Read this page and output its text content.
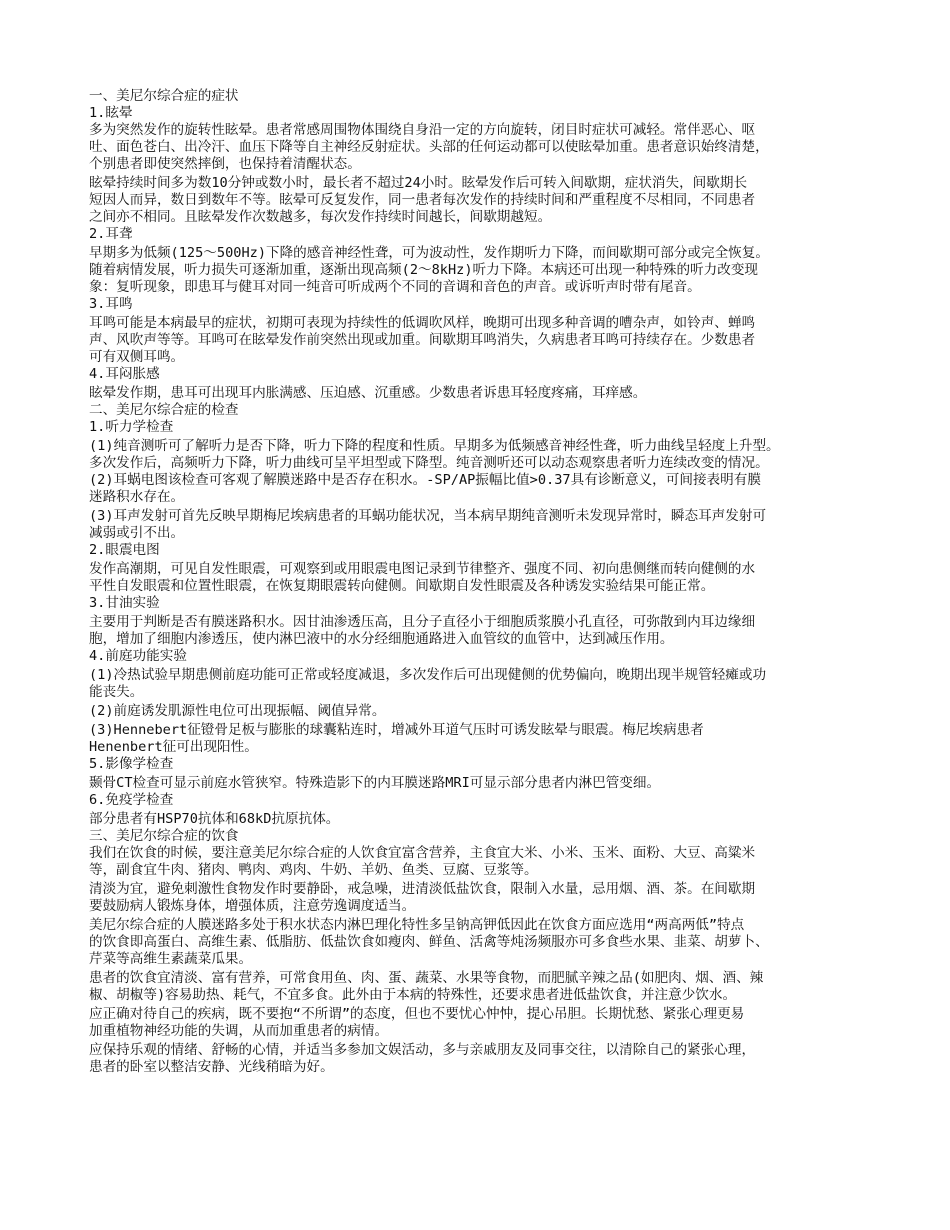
一、美尼尔综合症的症状

1.眩晕

多为突然发作的旋转性眩晕。患者常感周围物体围绕自身沿一定的方向旋转，闭目时症状可减轻。常伴恶心、呕

吐、面色苍白、出冷汗、血压下降等自主神经反射症状。头部的任何运动都可以使眩晕加重。患者意识始终清楚，

个别患者即使突然摔倒，也保持着清醒状态。

眩晕持续时间多为数10分钟或数小时，最长者不超过24小时。眩晕发作后可转入间歇期，症状消失，间歇期长

短因人而异，数日到数年不等。眩晕可反复发作，同一患者每次发作的持续时间和严重程度不尽相同，不同患者

之间亦不相同。且眩晕发作次数越多，每次发作持续时间越长，间歇期越短。

2.耳聋

早期多为低频(125～500Hz)下降的感音神经性聋，可为波动性，发作期听力下降，而间歇期可部分或完全恢复。

随着病情发展，听力损失可逐渐加重，逐渐出现高频(2～8kHz)听力下降。本病还可出现一种特殊的听力改变现

象：复听现象，即患耳与健耳对同一纯音可听成两个不同的音调和音色的声音。或诉听声时带有尾音。

3.耳鸣

耳鸣可能是本病最早的症状，初期可表现为持续性的低调吹风样，晚期可出现多种音调的嘈杂声，如铃声、蝉鸣

声、风吹声等等。耳鸣可在眩晕发作前突然出现或加重。间歇期耳鸣消失，久病患者耳鸣可持续存在。少数患者

可有双侧耳鸣。

4.耳闷胀感

眩晕发作期，患耳可出现耳内胀满感、压迫感、沉重感。少数患者诉患耳轻度疼痛，耳痒感。

二、美尼尔综合症的检查

1.听力学检查

(1)纯音测听可了解听力是否下降，听力下降的程度和性质。早期多为低频感音神经性聋，听力曲线呈轻度上升型。

多次发作后，高频听力下降，听力曲线可呈平坦型或下降型。纯音测听还可以动态观察患者听力连续改变的情况。

(2)耳蜗电图该检查可客观了解膜迷路中是否存在积水。-SP/AP振幅比值>0.37具有诊断意义，可间接表明有膜

迷路积水存在。

(3)耳声发射可首先反映早期梅尼埃病患者的耳蜗功能状况，当本病早期纯音测听未发现异常时，瞬态耳声发射可

减弱或引不出。

2.眼震电图

发作高潮期，可见自发性眼震，可观察到或用眼震电图记录到节律整齐、强度不同、初向患侧继而转向健侧的水

平性自发眼震和位置性眼震，在恢复期眼震转向健侧。间歇期自发性眼震及各种诱发实验结果可能正常。

3.甘油实验

主要用于判断是否有膜迷路积水。因甘油渗透压高，且分子直径小于细胞质浆膜小孔直径，可弥散到内耳边缘细

胞，增加了细胞内渗透压，使内淋巴液中的水分经细胞通路进入血管纹的血管中，达到减压作用。

4.前庭功能实验

(1)冷热试验早期患侧前庭功能可正常或轻度减退，多次发作后可出现健侧的优势偏向，晚期出现半规管轻瘫或功

能丧失。

(2)前庭诱发肌源性电位可出现振幅、阈值异常。

(3)Hennebert征镫骨足板与膨胀的球囊粘连时，增减外耳道气压时可诱发眩晕与眼震。梅尼埃病患者

Henenbert征可出现阳性。

5.影像学检查

颞骨CT检查可显示前庭水管狭窄。特殊造影下的内耳膜迷路MRI可显示部分患者内淋巴管变细。

6.免疫学检查

部分患者有HSP70抗体和68kD抗原抗体。

三、美尼尔综合症的饮食

我们在饮食的时候，要注意美尼尔综合症的人饮食宜富含营养，主食宜大米、小米、玉米、面粉、大豆、高粱米

等，副食宜牛肉、猪肉、鸭肉、鸡肉、牛奶、羊奶、鱼类、豆腐、豆浆等。

清淡为宜，避免刺激性食物发作时要静卧，戒急噪，进清淡低盐饮食，限制入水量，忌用烟、酒、茶。在间歇期

要鼓励病人锻炼身体，增强体质，注意劳逸调度适当。

美尼尔综合症的人膜迷路多处于积水状态内淋巴理化特性多呈钠高钾低因此在饮食方面应选用“两高两低”特点

的饮食即高蛋白、高维生素、低脂肪、低盐饮食如瘦肉、鲜鱼、活禽等炖汤频服亦可多食些水果、韭菜、胡萝卜、

芹菜等高维生素蔬菜瓜果。

患者的饮食宜清淡、富有营养，可常食用鱼、肉、蛋、蔬菜、水果等食物，而肥腻辛辣之品(如肥肉、烟、酒、辣

椒、胡椒等)容易助热、耗气，不宜多食。此外由于本病的特殊性，还要求患者进低盐饮食，并注意少饮水。

应正确对待自己的疾病，既不要抱“不所谓”的态度，但也不要忧心忡忡，提心吊胆。长期忧愁、紧张心理更易

加重植物神经功能的失调，从而加重患者的病情。

应保持乐观的情绪、舒畅的心情，并适当多参加文娱活动，多与亲戚朋友及同事交往，以清除自己的紧张心理，

患者的卧室以整洁安静、光线稍暗为好。
